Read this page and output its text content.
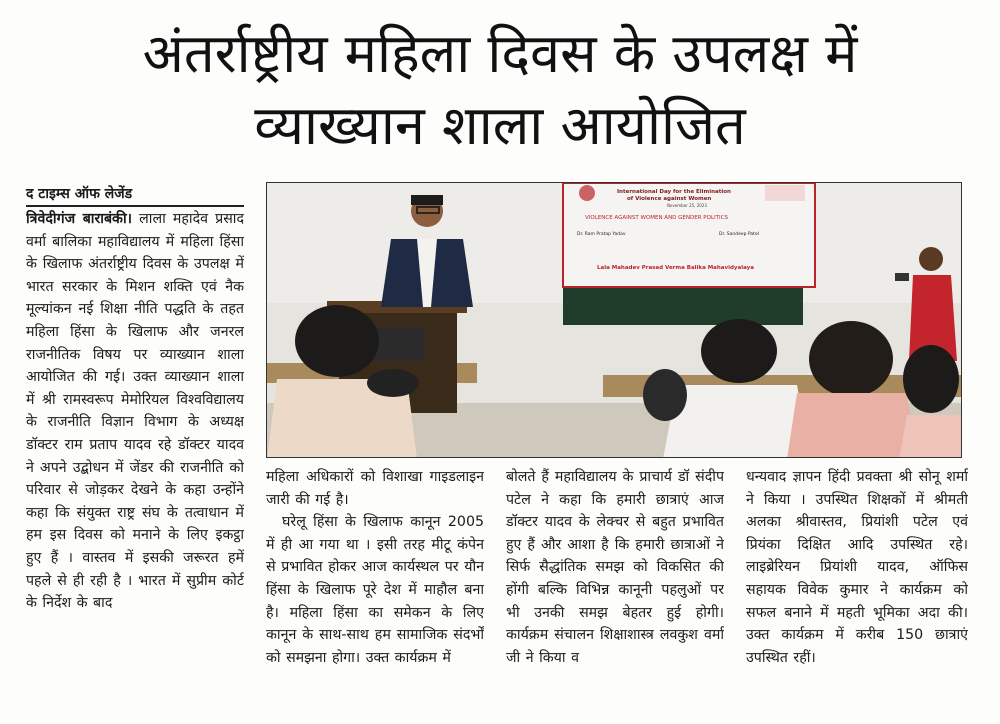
अंतर्राष्ट्रीय महिला दिवस के उपलक्ष में
व्याख्यान शाला आयोजित
द टाइम्स ऑफ लेजेंड
त्रिवेदीगंज बाराबंकी। लाला महादेव प्रसाद वर्मा बालिका महाविद्यालय में महिला हिंसा के खिलाफ अंतर्राष्ट्रीय दिवस के उपलक्ष में भारत सरकार के मिशन शक्ति एवं नैक मूल्यांकन नई शिक्षा नीति पद्धति के तहत महिला हिंसा के खिलाफ और जनरल राजनीतिक विषय पर व्याख्यान शाला आयोजित की गई। उक्त व्याख्यान शाला में श्री रामस्वरूप मेमोरियल विश्वविद्यालय के राजनीति विज्ञान विभाग के अध्यक्ष डॉक्टर राम प्रताप यादव रहे डॉक्टर यादव ने अपने उद्बोधन में जेंडर की राजनीति को परिवार से जोड़कर देखने के कहा उन्होंने कहा कि संयुक्त राष्ट्र संघ के तत्वाधान में हम इस दिवस को मनाने के लिए इकट्ठा हुए हैं । वास्तव में इसकी जरूरत हमें पहले से ही रही है । भारत में सुप्रीम कोर्ट के निर्देश के बाद
International Day for the Elimination
of Violence against Women
November 25, 2023
VIOLENCE AGAINST WOMEN AND GENDER POLITICS
Dr. Ram Pratap Yadav	Dr. Sandeep Patel
Lala Mahadev Prasad Verma Balika Mahavidyalaya
महिला अधिकारों को विशाखा गाइडलाइन जारी की गई है।
घरेलू हिंसा के खिलाफ कानून 2005 में ही आ गया था । इसी तरह मीटू कंपेन से प्रभावित होकर आज कार्यस्थल पर यौन हिंसा के खिलाफ पूरे देश में माहौल बना है। महिला हिंसा का समेकन के लिए कानून के साथ-साथ हम सामाजिक संदर्भों को समझना होगा। उक्त कार्यक्रम में
बोलते हैं महाविद्यालय के प्राचार्य डॉ संदीप पटेल ने कहा कि हमारी छात्राएं आज डॉक्टर यादव के लेक्चर से बहुत प्रभावित हुए हैं और आशा है कि हमारी छात्राओं ने सिर्फ सैद्धांतिक समझ को विकसित की होंगी बल्कि विभिन्न कानूनी पहलुओं पर भी उनकी समझ बेहतर हुई होगी। कार्यक्रम संचालन शिक्षाशास्त्र लवकुश वर्मा जी ने किया व
धन्यवाद ज्ञापन हिंदी प्रवक्ता श्री सोनू शर्मा ने किया । उपस्थित शिक्षकों में श्रीमती अलका श्रीवास्तव, प्रियांशी पटेल एवं प्रियंका दिक्षित आदि उपस्थित रहे। लाइब्रेरियन प्रियांशी यादव, ऑफिस सहायक विवेक कुमार ने कार्यक्रम को सफल बनाने में महती भूमिका अदा की।उक्त कार्यक्रम में करीब 150 छात्राएं उपस्थित रहीं।
